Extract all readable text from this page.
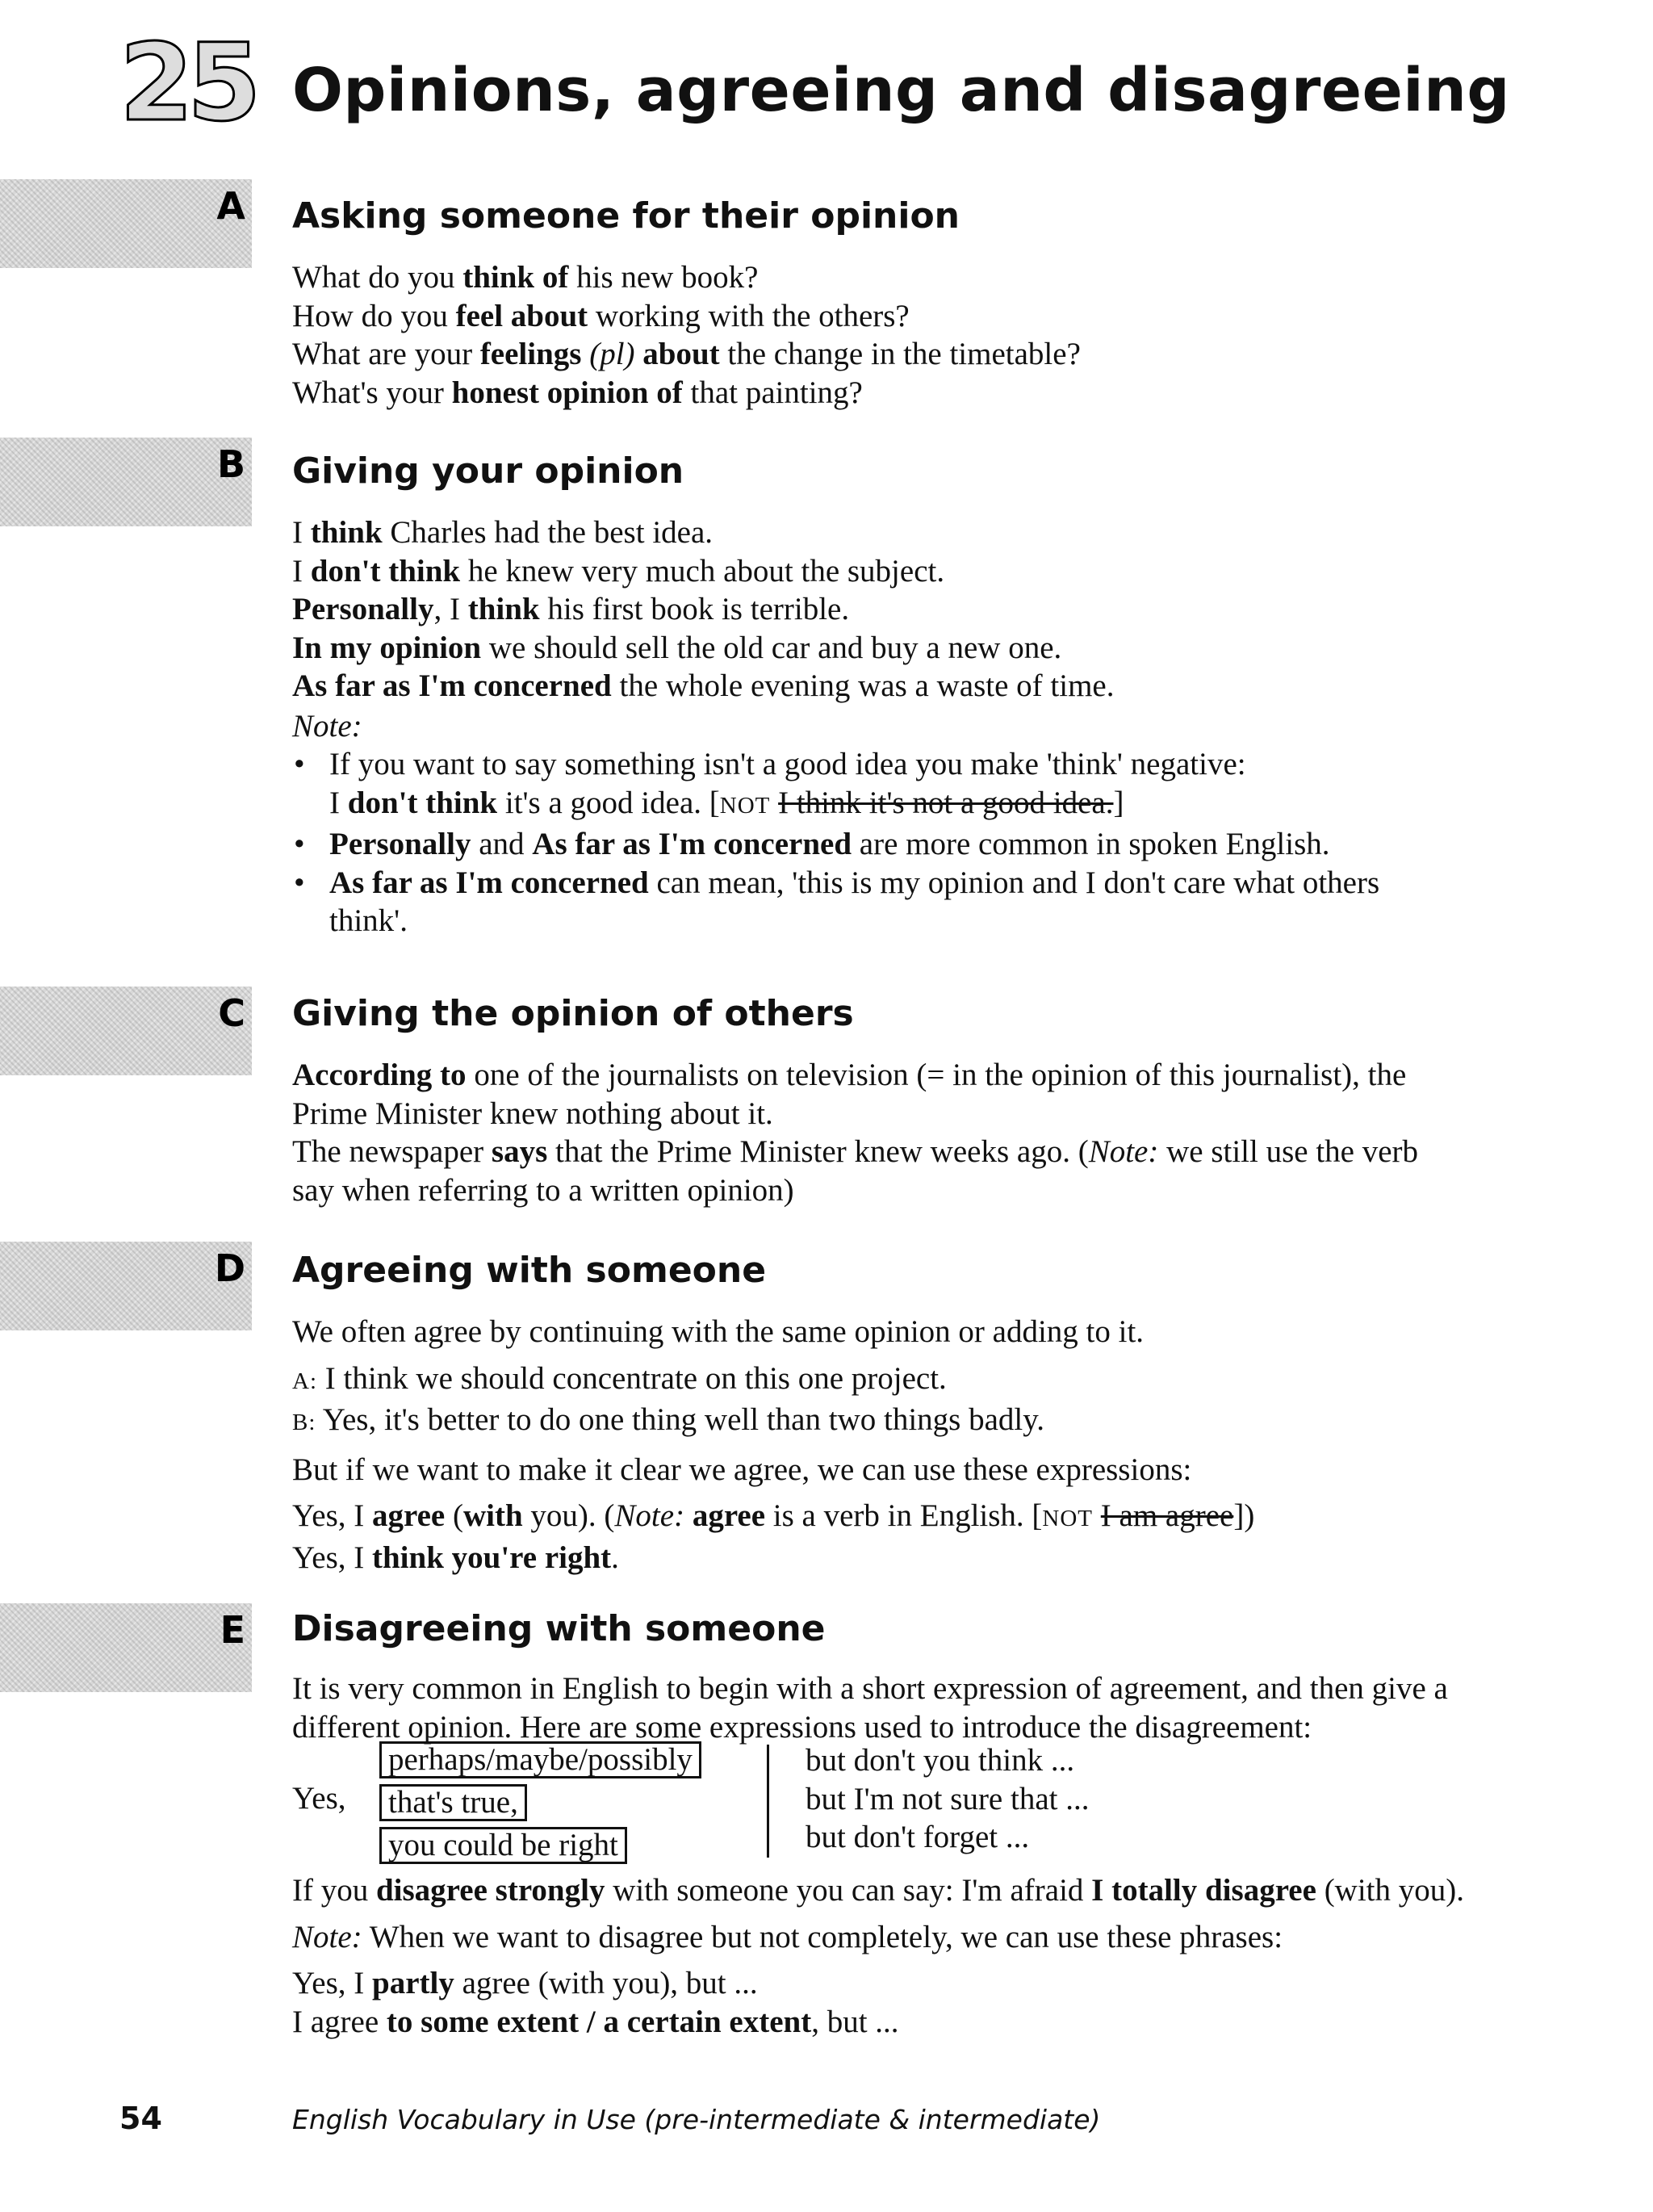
25 Opinions, agreeing and disagreeing
A Asking someone for their opinion
What do you think of his new book?
How do you feel about working with the others?
What are your feelings (pl) about the change in the timetable?
What's your honest opinion of that painting?
B Giving your opinion
I think Charles had the best idea.
I don't think he knew very much about the subject.
Personally, I think his first book is terrible.
In my opinion we should sell the old car and buy a new one.
As far as I'm concerned the whole evening was a waste of time.
Note:
• If you want to say something isn't a good idea you make 'think' negative:
I don't think it's a good idea. [NOT I think it's not a good idea.]
• Personally and As far as I'm concerned are more common in spoken English.
• As far as I'm concerned can mean, 'this is my opinion and I don't care what others
think'.
C Giving the opinion of others
According to one of the journalists on television (= in the opinion of this journalist), the
Prime Minister knew nothing about it.
The newspaper says that the Prime Minister knew weeks ago. (Note: we still use the verb
say when referring to a written opinion)
D Agreeing with someone
We often agree by continuing with the same opinion or adding to it.
A: I think we should concentrate on this one project.
B: Yes, it's better to do one thing well than two things badly.
But if we want to make it clear we agree, we can use these expressions:
Yes, I agree (with you). (Note: agree is a verb in English. [NOT I am agree])
Yes, I think you're right.
E Disagreeing with someone
It is very common in English to begin with a short expression of agreement, and then give a
different opinion. Here are some expressions used to introduce the disagreement:
Yes,
perhaps/maybe/possibly
that's true,
you could be right
but don't you think ...
but I'm not sure that ...
but don't forget ...
If you disagree strongly with someone you can say: I'm afraid I totally disagree (with you).
Note: When we want to disagree but not completely, we can use these phrases:
Yes, I partly agree (with you), but ...
I agree to some extent / a certain extent, but ...
54	English Vocabulary in Use (pre-intermediate & intermediate)
